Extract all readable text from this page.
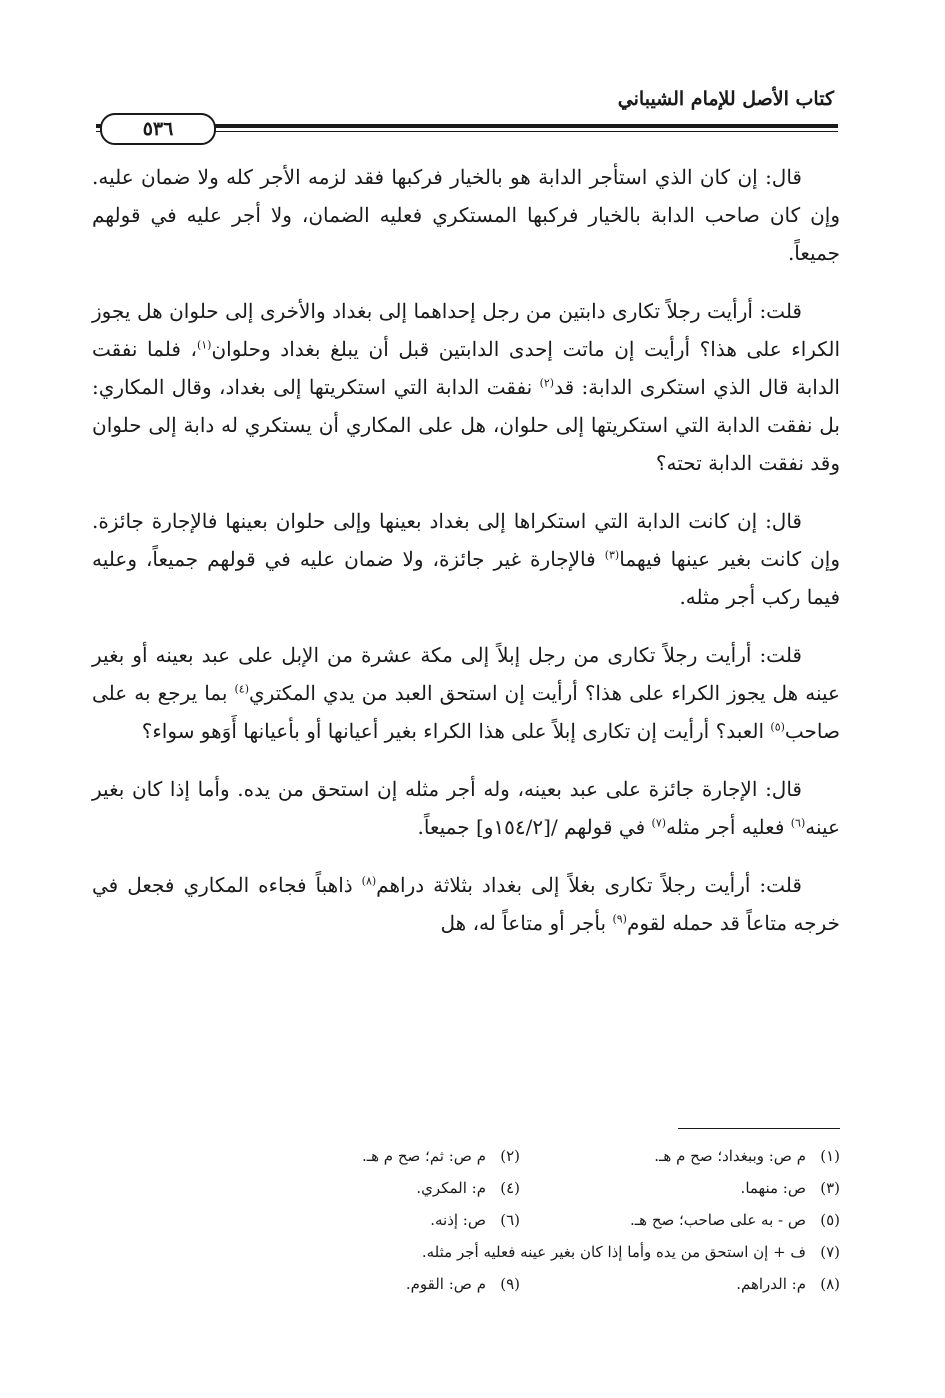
كتاب الأصل للإمام الشيباني
٥٣٦

قال: إن كان الذي استأجر الدابة هو بالخيار فركبها فقد لزمه الأجر كله ولا ضمان عليه. وإن كان صاحب الدابة بالخيار فركبها المستكري فعليه الضمان، ولا أجر عليه في قولهم جميعاً.

قلت: أرأيت رجلاً تكارى دابتين من رجل إحداهما إلى بغداد والأخرى إلى حلوان هل يجوز الكراء على هذا؟ أرأيت إن ماتت إحدى الدابتين قبل أن يبلغ بغداد وحلوان$^{(١)}$، فلما نفقت الدابة قال الذي استكرى الدابة: قد$^{(٢)}$ نفقت الدابة التي استكريتها إلى بغداد، وقال المكاري: بل نفقت الدابة التي استكريتها إلى حلوان، هل على المكاري أن يستكري له دابة إلى حلوان وقد نفقت الدابة تحته؟

قال: إن كانت الدابة التي استكراها إلى بغداد بعينها وإلى حلوان بعينها فالإجارة جائزة. وإن كانت بغير عينها فيهما$^{(٣)}$ فالإجارة غير جائزة، ولا ضمان عليه في قولهم جميعاً، وعليه فيما ركب أجر مثله.

قلت: أرأيت رجلاً تكارى من رجل إبلاً إلى مكة عشرة من الإبل على عبد بعينه أو بغير عينه هل يجوز الكراء على هذا؟ أرأيت إن استحق العبد من يدي المكتري$^{(٤)}$ بما يرجع به على صاحب$^{(٥)}$ العبد؟ أرأيت إن تكارى إبلاً على هذا الكراء بغير أعيانها أو بأعيانها أَوَهو سواء؟

قال: الإجارة جائزة على عبد بعينه، وله أجر مثله إن استحق من يده. وأما إذا كان بغير عينه$^{(٦)}$ فعليه أجر مثله$^{(٧)}$ في قولهم /[١٥٤/٢و] جميعاً.

قلت: أرأيت رجلاً تكارى بغلاً إلى بغداد بثلاثة دراهم$^{(٨)}$ ذاهباً فجاءه المكاري فجعل في خرجه متاعاً قد حمله لقوم$^{(٩)}$ بأجر أو متاعاً له، هل

(١)
م ص: وببغداد؛ صح م هـ.
(٢)
م ص: ثم؛ صح م هـ.
(٣)
ص: منهما.
(٤)
م: المكري.
(٥)
ص - به على صاحب؛ صح هـ.
(٦)
ص: إذنه.
(٧)
ف + إن استحق من يده وأما إذا كان بغير عينه فعليه أجر مثله.
(٨)
م: الدراهم.
(٩)
م ص: القوم.
